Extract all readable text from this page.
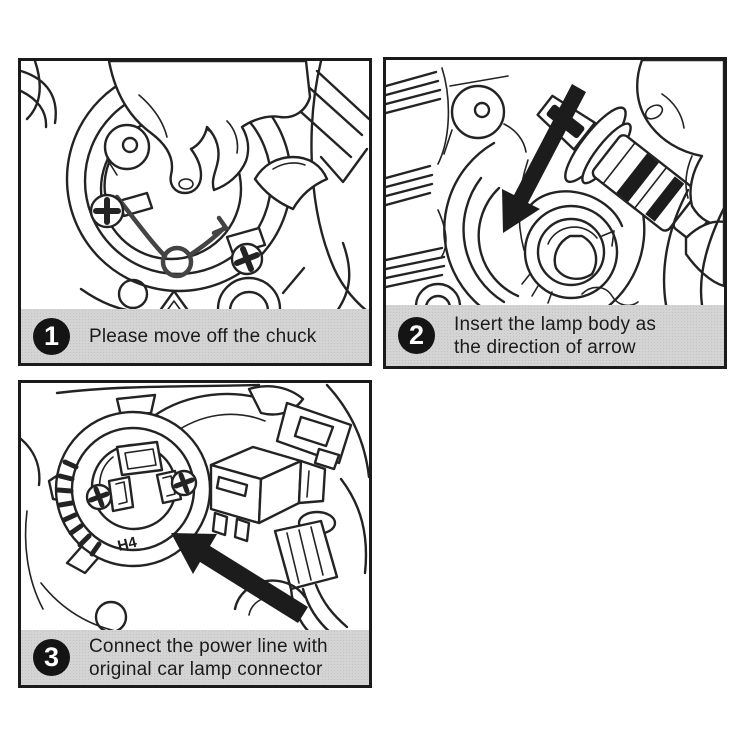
1	Please move off the chuck	2	Insert the lamp body as
the direction of arrow
H4
3	Connect the power line with
original car lamp connector
